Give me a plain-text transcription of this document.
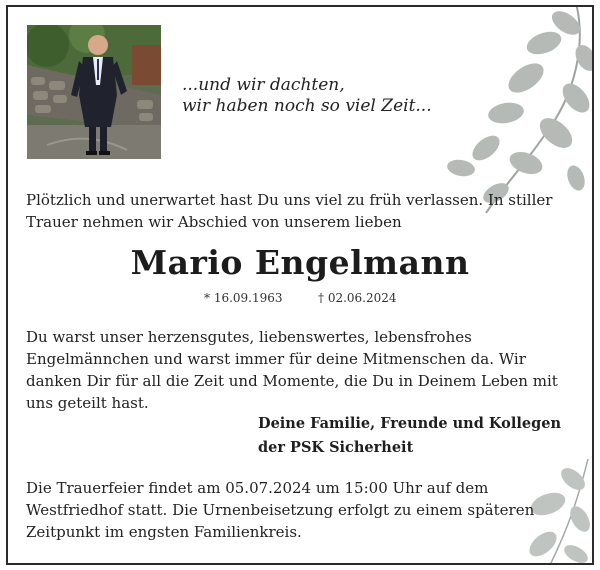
...und wir dachten,
wir haben noch so viel Zeit...
Plötzlich und unerwartet hast Du uns viel zu früh verlassen. In stiller Trauer nehmen wir Abschied von unserem lieben
Mario Engelmann
* 16.09.1963	† 02.06.2024
Du warst unser herzensgutes, liebenswertes, lebensfrohes Engelmännchen und warst immer für deine Mitmenschen da. Wir danken Dir für all die Zeit und Momente, die Du in Deinem Leben mit uns geteilt hast.
Deine Familie, Freunde und Kollegen
der PSK Sicherheit
Die Trauerfeier findet am 05.07.2024 um 15:00 Uhr auf dem Westfriedhof statt. Die Urnenbeisetzung erfolgt zu einem späteren Zeitpunkt im engsten Familienkreis.
